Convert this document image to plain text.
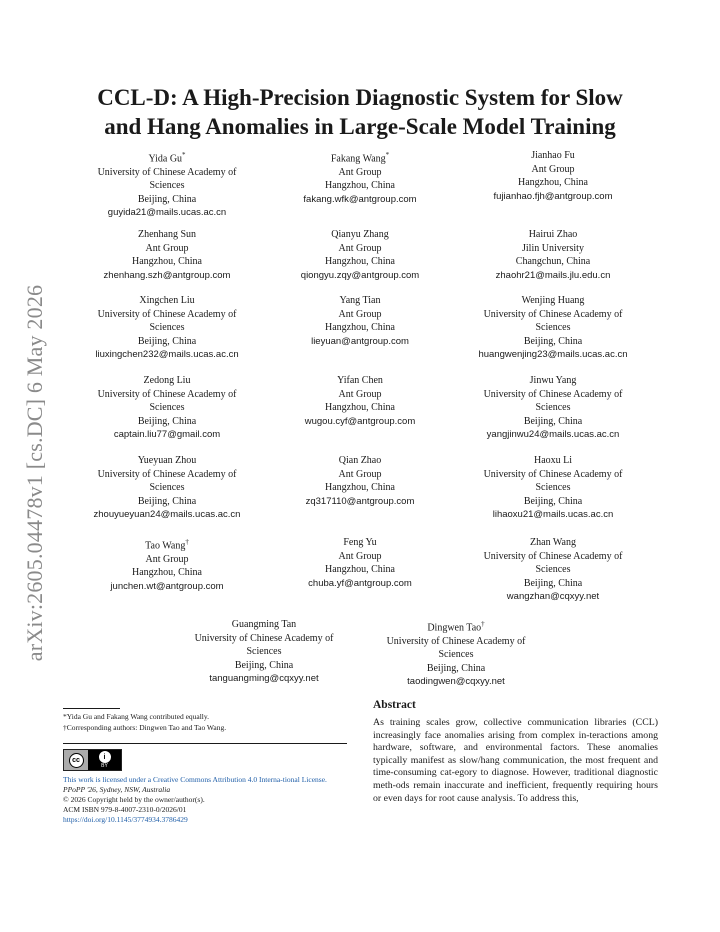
arXiv:2605.04478v1 [cs.DC] 6 May 2026
CCL-D: A High-Precision Diagnostic System for Slow
and Hang Anomalies in Large-Scale Model Training
Yida Gu*
University of Chinese Academy of
Sciences
Beijing, China
guyida21@mails.ucas.ac.cn
Fakang Wang*
Ant Group
Hangzhou, China
fakang.wfk@antgroup.com
Jianhao Fu
Ant Group
Hangzhou, China
fujianhao.fjh@antgroup.com
Zhenhang Sun
Ant Group
Hangzhou, China
zhenhang.szh@antgroup.com
Qianyu Zhang
Ant Group
Hangzhou, China
qiongyu.zqy@antgroup.com
Hairui Zhao
Jilin University
Changchun, China
zhaohr21@mails.jlu.edu.cn
Xingchen Liu
University of Chinese Academy of
Sciences
Beijing, China
liuxingchen232@mails.ucas.ac.cn
Yang Tian
Ant Group
Hangzhou, China
lieyuan@antgroup.com
Wenjing Huang
University of Chinese Academy of
Sciences
Beijing, China
huangwenjing23@mails.ucas.ac.cn
Zedong Liu
University of Chinese Academy of
Sciences
Beijing, China
captain.liu77@gmail.com
Yifan Chen
Ant Group
Hangzhou, China
wugou.cyf@antgroup.com
Jinwu Yang
University of Chinese Academy of
Sciences
Beijing, China
yangjinwu24@mails.ucas.ac.cn
Yueyuan Zhou
University of Chinese Academy of
Sciences
Beijing, China
zhouyueyuan24@mails.ucas.ac.cn
Qian Zhao
Ant Group
Hangzhou, China
zq317110@antgroup.com
Haoxu Li
University of Chinese Academy of
Sciences
Beijing, China
lihaoxu21@mails.ucas.ac.cn
Tao Wang†
Ant Group
Hangzhou, China
junchen.wt@antgroup.com
Feng Yu
Ant Group
Hangzhou, China
chuba.yf@antgroup.com
Zhan Wang
University of Chinese Academy of
Sciences
Beijing, China
wangzhan@cqxyy.net
Guangming Tan
University of Chinese Academy of
Sciences
Beijing, China
tanguangming@cqxyy.net
Dingwen Tao†
University of Chinese Academy of
Sciences
Beijing, China
taodingwen@cqxyy.net
*Yida Gu and Fakang Wang contributed equally.
†Corresponding authors: Dingwen Tao and Tao Wang.
cc	i
BY
This work is licensed under a Creative Commons Attribution 4.0 Interna-tional License.
PPoPP '26, Sydney, NSW, Australia
© 2026 Copyright held by the owner/author(s).
ACM ISBN 979-8-4007-2310-0/2026/01
https://doi.org/10.1145/3774934.3786429
Abstract
As training scales grow, collective communication libraries (CCL) increasingly face anomalies arising from complex in-teractions among hardware, software, and environmental factors. These anomalies typically manifest as slow/hang communication, the most frequent and time-consuming cat-egory to diagnose. However, traditional diagnostic meth-ods remain inaccurate and inefficient, frequently requiring hours or even days for root cause analysis. To address this,
